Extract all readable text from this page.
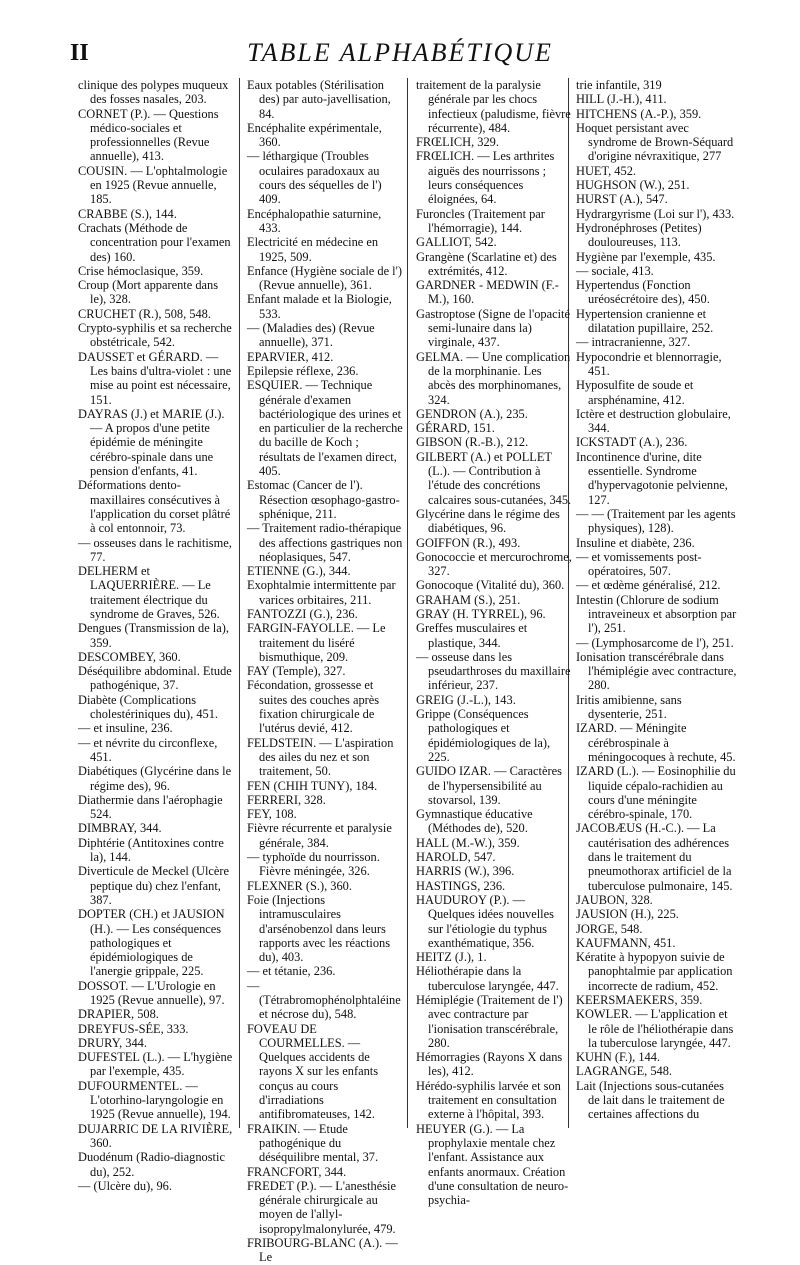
II	TABLE ALPHABÉTIQUE

clinique des polypes muqueux des fosses nasales, 203.

CORNET (P.). — Questions médico-sociales et professionnelles (Revue annuelle), 413.

COUSIN. — L'ophtalmologie en 1925 (Revue annuelle, 185.

CRABBE (S.), 144.

Crachats (Méthode de concentration pour l'examen des) 160.

Crise hémoclasique, 359.

Croup (Mort apparente dans le), 328.

CRUCHET (R.), 508, 548.

Crypto-syphilis et sa recherche obstétricale, 542.

DAUSSET et GÉRARD. — Les bains d'ultra-violet : une mise au point est nécessaire, 151.

DAYRAS (J.) et MARIE (J.). — A propos d'une petite épidémie de méningite cérébro-spinale dans une pension d'enfants, 41.

Déformations dento-maxillaires consécutives à l'application du corset plâtré à col entonnoir, 73.

— osseuses dans le rachitisme, 77.

DELHERM et LAQUERRIÈRE. — Le traitement électrique du syndrome de Graves, 526.

Dengues (Transmission de la), 359.

DESCOMBEY, 360.

Déséquilibre abdominal. Etude pathogénique, 37.

Diabète (Complications cholestériniques du), 451.

— et insuline, 236.

— et névrite du circonflexe, 451.

Diabétiques (Glycérine dans le régime des), 96.

Diathermie dans l'aérophagie 524.

DIMBRAY, 344.

Diphtérie (Antitoxines contre la), 144.

Diverticule de Meckel (Ulcère peptique du) chez l'enfant, 387.

DOPTER (CH.) et JAUSION (H.). — Les conséquences pathologiques et épidémiologiques de l'anergie grippale, 225.

DOSSOT. — L'Urologie en 1925 (Revue annuelle), 97.

DRAPIER, 508.

DREYFUS-SÉE, 333.

DRURY, 344.

DUFESTEL (L.). — L'hygiène par l'exemple, 435.

DUFOURMENTEL. — L'otorhino-laryngologie en 1925 (Revue annuelle), 194.

DUJARRIC DE LA RIVIÈRE, 360.

Duodénum (Radio-diagnostic du), 252.

— (Ulcère du), 96.

Eaux potables (Stérilisation des) par auto-javellisation, 84.

Encéphalite expérimentale, 360.

— léthargique (Troubles oculaires paradoxaux au cours des séquelles de l') 409.

Encéphalopathie saturnine, 433.

Electricité en médecine en 1925, 509.

Enfance (Hygiène sociale de l') (Revue annuelle), 361.

Enfant malade et la Biologie, 533.

— (Maladies des) (Revue annuelle), 371.

EPARVIER, 412.

Epilepsie réflexe, 236.

ESQUIER. — Technique générale d'examen bactériologique des urines et en particulier de la recherche du bacille de Koch ; résultats de l'examen direct, 405.

Estomac (Cancer de l'). Résection œsophago-gastro-sphénique, 211.

— Traitement radio-thérapique des affections gastriques non néoplasiques, 547.

ETIENNE (G.), 344.

Exophtalmie intermittente par varices orbitaires, 211.

FANTOZZI (G.), 236.

FARGIN-FAYOLLE. — Le traitement du liséré bismuthique, 209.

FAY (Temple), 327.

Fécondation, grossesse et suites des couches après fixation chirurgicale de l'utérus devié, 412.

FELDSTEIN. — L'aspiration des ailes du nez et son traitement, 50.

FEN (CHIH TUNY), 184.

FERRERI, 328.

FEY, 108.

Fièvre récurrente et paralysie générale, 384.

— typhoïde du nourrisson. Fièvre méningée, 326.

FLEXNER (S.), 360.

Foie (Injections intramusculaires d'arsénobenzol dans leurs rapports avec les réactions du), 403.

— et tétanie, 236.

— (Tétrabromophénolphtaléine et nécrose du), 548.

FOVEAU DE COURMELLES. — Quelques accidents de rayons X sur les enfants conçus au cours d'irradiations antifibromateuses, 142.

FRAIKIN. — Etude pathogénique du déséquilibre mental, 37.

FRANCFORT, 344.

FREDET (P.). — L'anesthésie générale chirurgicale au moyen de l'allyl-isopropylmalonylurée, 479.

FRIBOURG-BLANC (A.). — Le

traitement de la paralysie générale par les chocs infectieux (paludisme, fièvre récurrente), 484.

FRŒLICH, 329.

FRŒLICH. — Les arthrites aiguës des nourrissons ; leurs conséquences éloignées, 64.

Furoncles (Traitement par l'hémorragie), 144.

GALLIOT, 542.

Grangène (Scarlatine et) des extrémités, 412.

GARDNER - MEDWIN (F.-M.), 160.

Gastroptose (Signe de l'opacité semi-lunaire dans la) virginale, 437.

GELMA. — Une complication de la morphinanie. Les abcès des morphinomanes, 324.

GENDRON (A.), 235.

GÉRARD, 151.

GIBSON (R.-B.), 212.

GILBERT (A.) et POLLET (L.). — Contribution à l'étude des concrétions calcaires sous-cutanées, 345.

Glycérine dans le régime des diabétiques, 96.

GOIFFON (R.), 493.

Gonococcie et mercurochrome, 327.

Gonocoque (Vitalité du), 360.

GRAHAM (S.), 251.

GRAY (H. TYRREL), 96.

Greffes musculaires et plastique, 344.

— osseuse dans les pseudarthroses du maxillaire inférieur, 237.

GREIG (J.-L.), 143.

Grippe (Conséquences pathologiques et épidémiologiques de la), 225.

GUIDO IZAR. — Caractères de l'hypersensibilité au stovarsol, 139.

Gymnastique éducative (Méthodes de), 520.

HALL (M.-W.), 359.

HAROLD, 547.

HARRIS (W.), 396.

HASTINGS, 236.

HAUDUROY (P.). — Quelques idées nouvelles sur l'étiologie du typhus exanthématique, 356.

HEITZ (J.), 1.

Héliothérapie dans la tuberculose laryngée, 447.

Hémiplégie (Traitement de l') avec contracture par l'ionisation transcérébrale, 280.

Hémorragies (Rayons X dans les), 412.

Hérédo-syphilis larvée et son traitement en consultation externe à l'hôpital, 393.

HEUYER (G.). — La prophylaxie mentale chez l'enfant. Assistance aux enfants anormaux. Création d'une consultation de neuro-psychia-

trie infantile, 319

HILL (J.-H.), 411.

HITCHENS (A.-P.), 359.

Hoquet persistant avec syndrome de Brown-Séquard d'origine névraxitique, 277

HUET, 452.

HUGHSON (W.), 251.

HURST (A.), 547.

Hydrargyrisme (Loi sur l'), 433.

Hydronéphroses (Petites) douloureuses, 113.

Hygiène par l'exemple, 435.

— sociale, 413.

Hypertendus (Fonction uréosécrétoire des), 450.

Hypertension cranienne et dilatation pupillaire, 252.

— intracranienne, 327.

Hypocondrie et blennorragie, 451.

Hyposulfite de soude et arsphénamine, 412.

Ictère et destruction globulaire, 344.

ICKSTADT (A.), 236.

Incontinence d'urine, dite essentielle. Syndrome d'hypervagotonie pelvienne, 127.

— — (Traitement par les agents physiques), 128).

Insuline et diabète, 236.

— et vomissements post-opératoires, 507.

— et œdème généralisé, 212.

Intestin (Chlorure de sodium intraveineux et absorption par l'), 251.

— (Lymphosarcome de l'), 251.

Ionisation transcérébrale dans l'hémiplégie avec contracture, 280.

Iritis amibienne, sans dysenterie, 251.

IZARD. — Méningite cérébrospinale à méningocoques à rechute, 45.

IZARD (L.). — Eosinophilie du liquide cépalo-rachidien au cours d'une méningite cérébro-spinale, 170.

JACOBÆUS (H.-C.). — La cautérisation des adhérences dans le traitement du pneumothorax artificiel de la tuberculose pulmonaire, 145.

JAUBON, 328.

JAUSION (H.), 225.

JORGE, 548.

KAUFMANN, 451.

Kératite à hypopyon suivie de panophtalmie par application incorrecte de radium, 452.

KEERSMAEKERS, 359.

KOWLER. — L'application et le rôle de l'héliothérapie dans la tuberculose laryngée, 447.

KUHN (F.), 144.

LAGRANGE, 548.

Lait (Injections sous-cutanées de lait dans le traitement de certaines affections du
